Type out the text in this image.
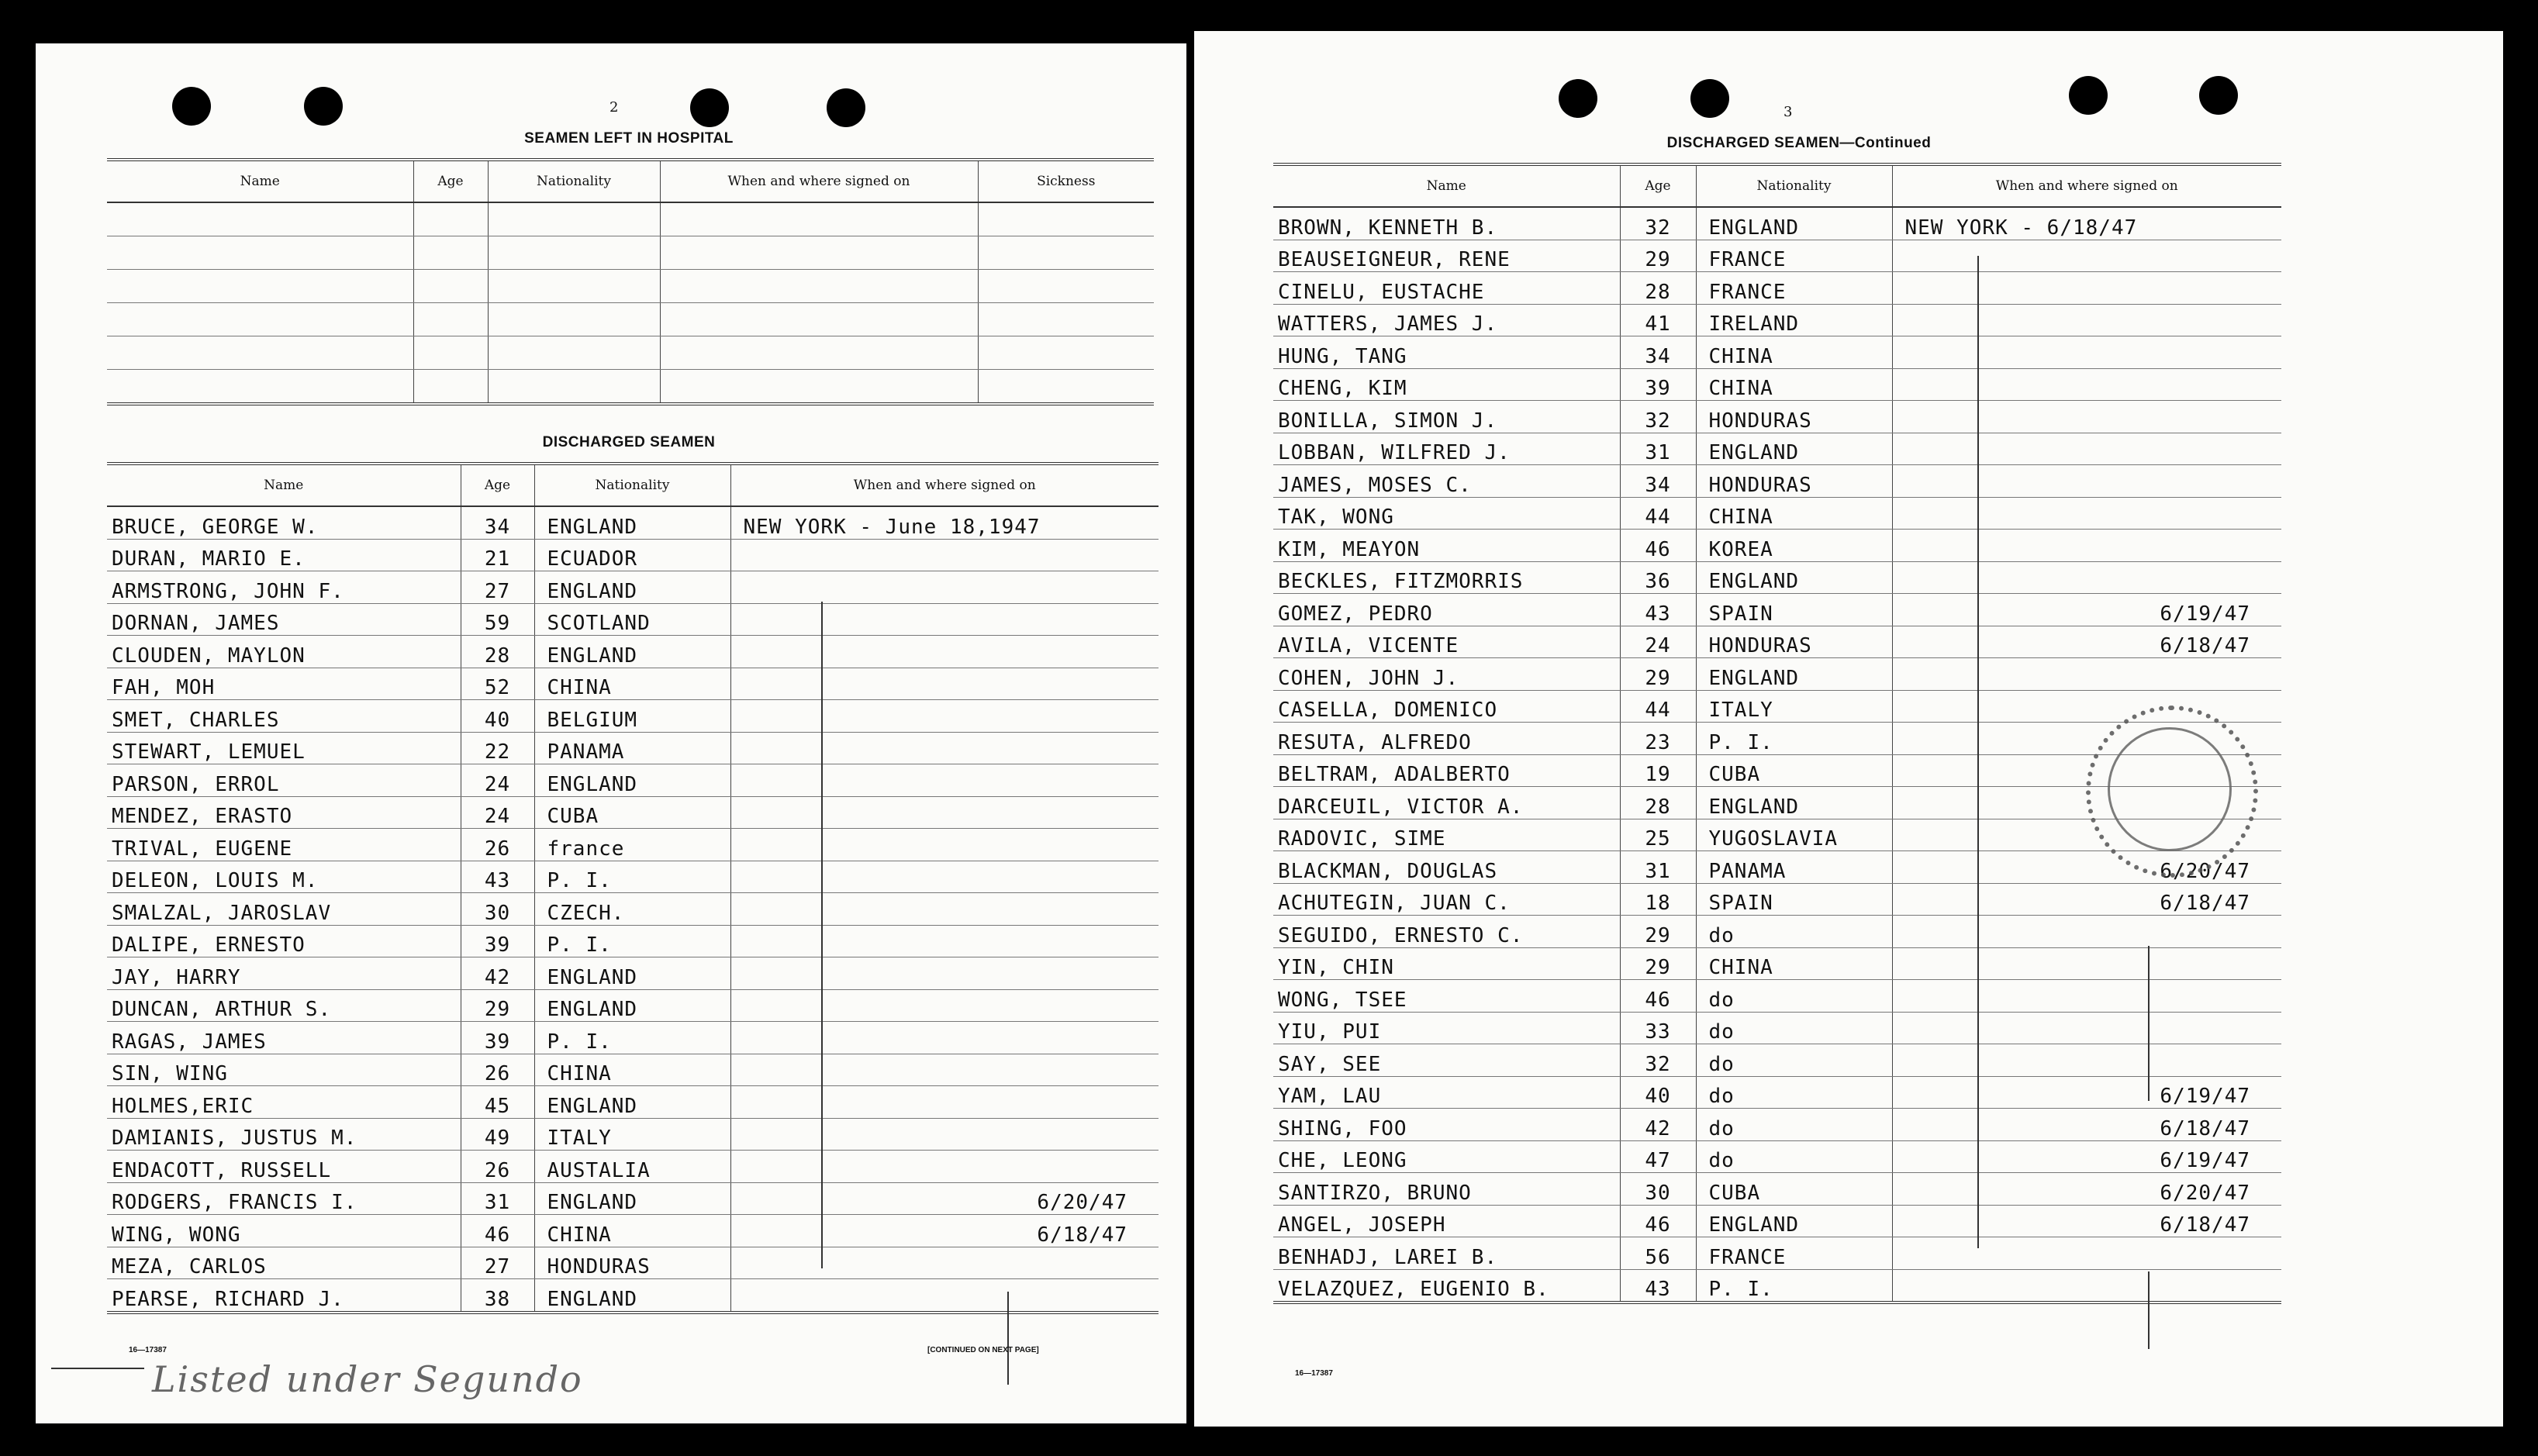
2
SEAMEN LEFT IN HOSPITAL
Name	Age	Nationality	When and where signed on	Sickness

DISCHARGED SEAMEN
Name	Age	Nationality	When and where signed on
BRUCE, GEORGE W.	34	ENGLAND	NEW YORK - June 18,1947
DURAN, MARIO E.	21	ECUADOR	
ARMSTRONG, JOHN F.	27	ENGLAND	
DORNAN, JAMES	59	SCOTLAND	
CLOUDEN, MAYLON	28	ENGLAND	
FAH, MOH	52	CHINA	
SMET, CHARLES	40	BELGIUM	
STEWART, LEMUEL	22	PANAMA	
PARSON, ERROL	24	ENGLAND	
MENDEZ, ERASTO	24	CUBA	
TRIVAL, EUGENE	26	france	
DELEON, LOUIS M.	43	P. I.	
SMALZAL, JAROSLAV	30	CZECH.	
DALIPE, ERNESTO	39	P. I.	
JAY, HARRY	42	ENGLAND	
DUNCAN, ARTHUR S.	29	ENGLAND	
RAGAS, JAMES	39	P. I.	
SIN, WING	26	CHINA	
HOLMES,ERIC	45	ENGLAND	
DAMIANIS, JUSTUS M.	49	ITALY	
ENDACOTT, RUSSELL	26	AUSTALIA	
RODGERS, FRANCIS I.	31	ENGLAND	6/20/47
WING, WONG	46	CHINA	6/18/47
MEZA, CARLOS	27	HONDURAS	
PEARSE, RICHARD J.	38	ENGLAND	
16—17387	[CONTINUED ON NEXT PAGE]
Listed under Segundo
3
DISCHARGED SEAMEN—Continued
Name	Age	Nationality	When and where signed on
BROWN, KENNETH B.	32	ENGLAND	NEW YORK - 6/18/47
BEAUSEIGNEUR, RENE	29	FRANCE	
CINELU, EUSTACHE	28	FRANCE	
WATTERS, JAMES J.	41	IRELAND	
HUNG, TANG	34	CHINA	
CHENG, KIM	39	CHINA	
BONILLA, SIMON J.	32	HONDURAS	
LOBBAN, WILFRED J.	31	ENGLAND	
JAMES, MOSES C.	34	HONDURAS	
TAK, WONG	44	CHINA	
KIM, MEAYON	46	KOREA	
BECKLES, FITZMORRIS	36	ENGLAND	
GOMEZ, PEDRO	43	SPAIN	6/19/47
AVILA, VICENTE	24	HONDURAS	6/18/47
COHEN, JOHN J.	29	ENGLAND	
CASELLA, DOMENICO	44	ITALY	
RESUTA, ALFREDO	23	P. I.	
BELTRAM, ADALBERTO	19	CUBA	
DARCEUIL, VICTOR A.	28	ENGLAND	
RADOVIC, SIME	25	YUGOSLAVIA	
BLACKMAN, DOUGLAS	31	PANAMA	6/20/47
ACHUTEGIN, JUAN C.	18	SPAIN	6/18/47
SEGUIDO, ERNESTO C.	29	do	
YIN, CHIN	29	CHINA	
WONG, TSEE	46	do	
YIU, PUI	33	do	
SAY, SEE	32	do	
YAM, LAU	40	do	6/19/47
SHING, FOO	42	do	6/18/47
CHE, LEONG	47	do	6/19/47
SANTIRZO, BRUNO	30	CUBA	6/20/47
ANGEL, JOSEPH	46	ENGLAND	6/18/47
BENHADJ, LAREI B.	56	FRANCE	
VELAZQUEZ, EUGENIO B.	43	P. I.	
16—17387
